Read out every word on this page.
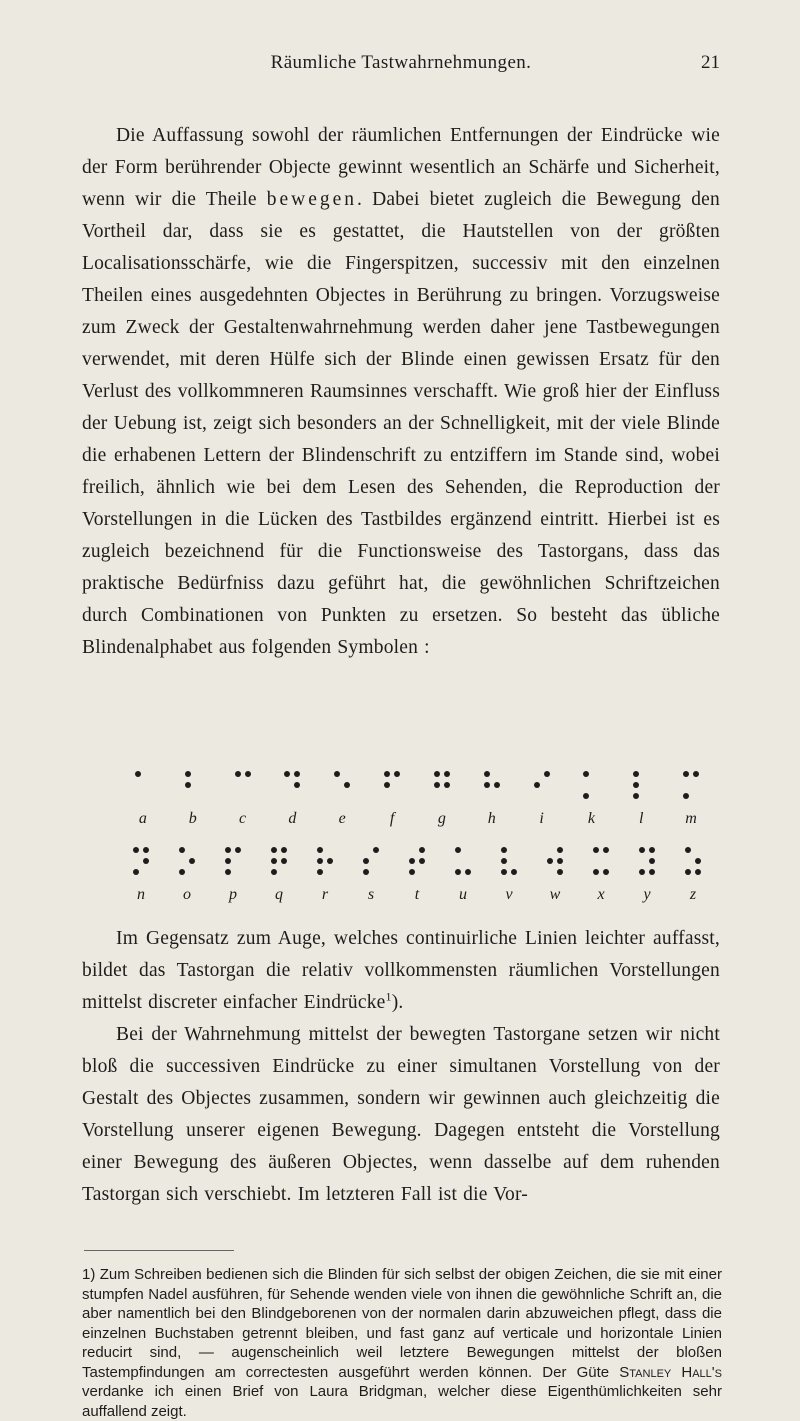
Räumliche Tastwahrnehmungen.	21

Die Auffassung sowohl der räumlichen Entfernungen der Eindrücke wie der Form berührender Objecte gewinnt wesentlich an Schärfe und Sicherheit, wenn wir die Theile bewegen. Dabei bietet zugleich die Bewegung den Vortheil dar, dass sie es gestattet, die Hautstellen von der größten Localisationsschärfe, wie die Fingerspitzen, successiv mit den einzelnen Theilen eines ausgedehnten Objectes in Berührung zu bringen. Vorzugsweise zum Zweck der Gestaltenwahrnehmung werden daher jene Tastbewegungen verwendet, mit deren Hülfe sich der Blinde einen gewissen Ersatz für den Verlust des vollkommneren Raumsinnes verschafft. Wie groß hier der Einfluss der Uebung ist, zeigt sich besonders an der Schnelligkeit, mit der viele Blinde die erhabenen Lettern der Blindenschrift zu entziffern im Stande sind, wobei freilich, ähnlich wie bei dem Lesen des Sehenden, die Reproduction der Vorstellungen in die Lücken des Tastbildes ergänzend eintritt. Hierbei ist es zugleich bezeichnend für die Functionsweise des Tastorgans, dass das praktische Bedürfniss dazu geführt hat, die gewöhnlichen Schriftzeichen durch Combinationen von Punkten zu ersetzen. So besteht das übliche Blindenalphabet aus folgenden Symbolen :

a	b	c	d	e	f	g	h	i	k	l	m
n	o	p	q	r	s	t	u	v	w	x	y	z

Im Gegensatz zum Auge, welches continuirliche Linien leichter auffasst, bildet das Tastorgan die relativ vollkommensten räumlichen Vorstellungen mittelst discreter einfacher Eindrücke$^1$).

Bei der Wahrnehmung mittelst der bewegten Tastorgane setzen wir nicht bloß die successiven Eindrücke zu einer simultanen Vorstellung von der Gestalt des Objectes zusammen, sondern wir gewinnen auch gleichzeitig die Vorstellung unserer eigenen Bewegung. Dagegen entsteht die Vorstellung einer Bewegung des äußeren Objectes, wenn dasselbe auf dem ruhenden Tastorgan sich verschiebt. Im letzteren Fall ist die Vor-

1) Zum Schreiben bedienen sich die Blinden für sich selbst der obigen Zeichen, die sie mit einer stumpfen Nadel ausführen, für Sehende wenden viele von ihnen die gewöhnliche Schrift an, die aber namentlich bei den Blindgeborenen von der normalen darin abzuweichen pflegt, dass die einzelnen Buchstaben getrennt bleiben, und fast ganz auf verticale und horizontale Linien reducirt sind, — augenscheinlich weil letztere Bewegungen mittelst der bloßen Tastempfindungen am correctesten ausgeführt werden können. Der Güte Stanley Hall's verdanke ich einen Brief von Laura Bridgman, welcher diese Eigenthümlichkeiten sehr auffallend zeigt.
